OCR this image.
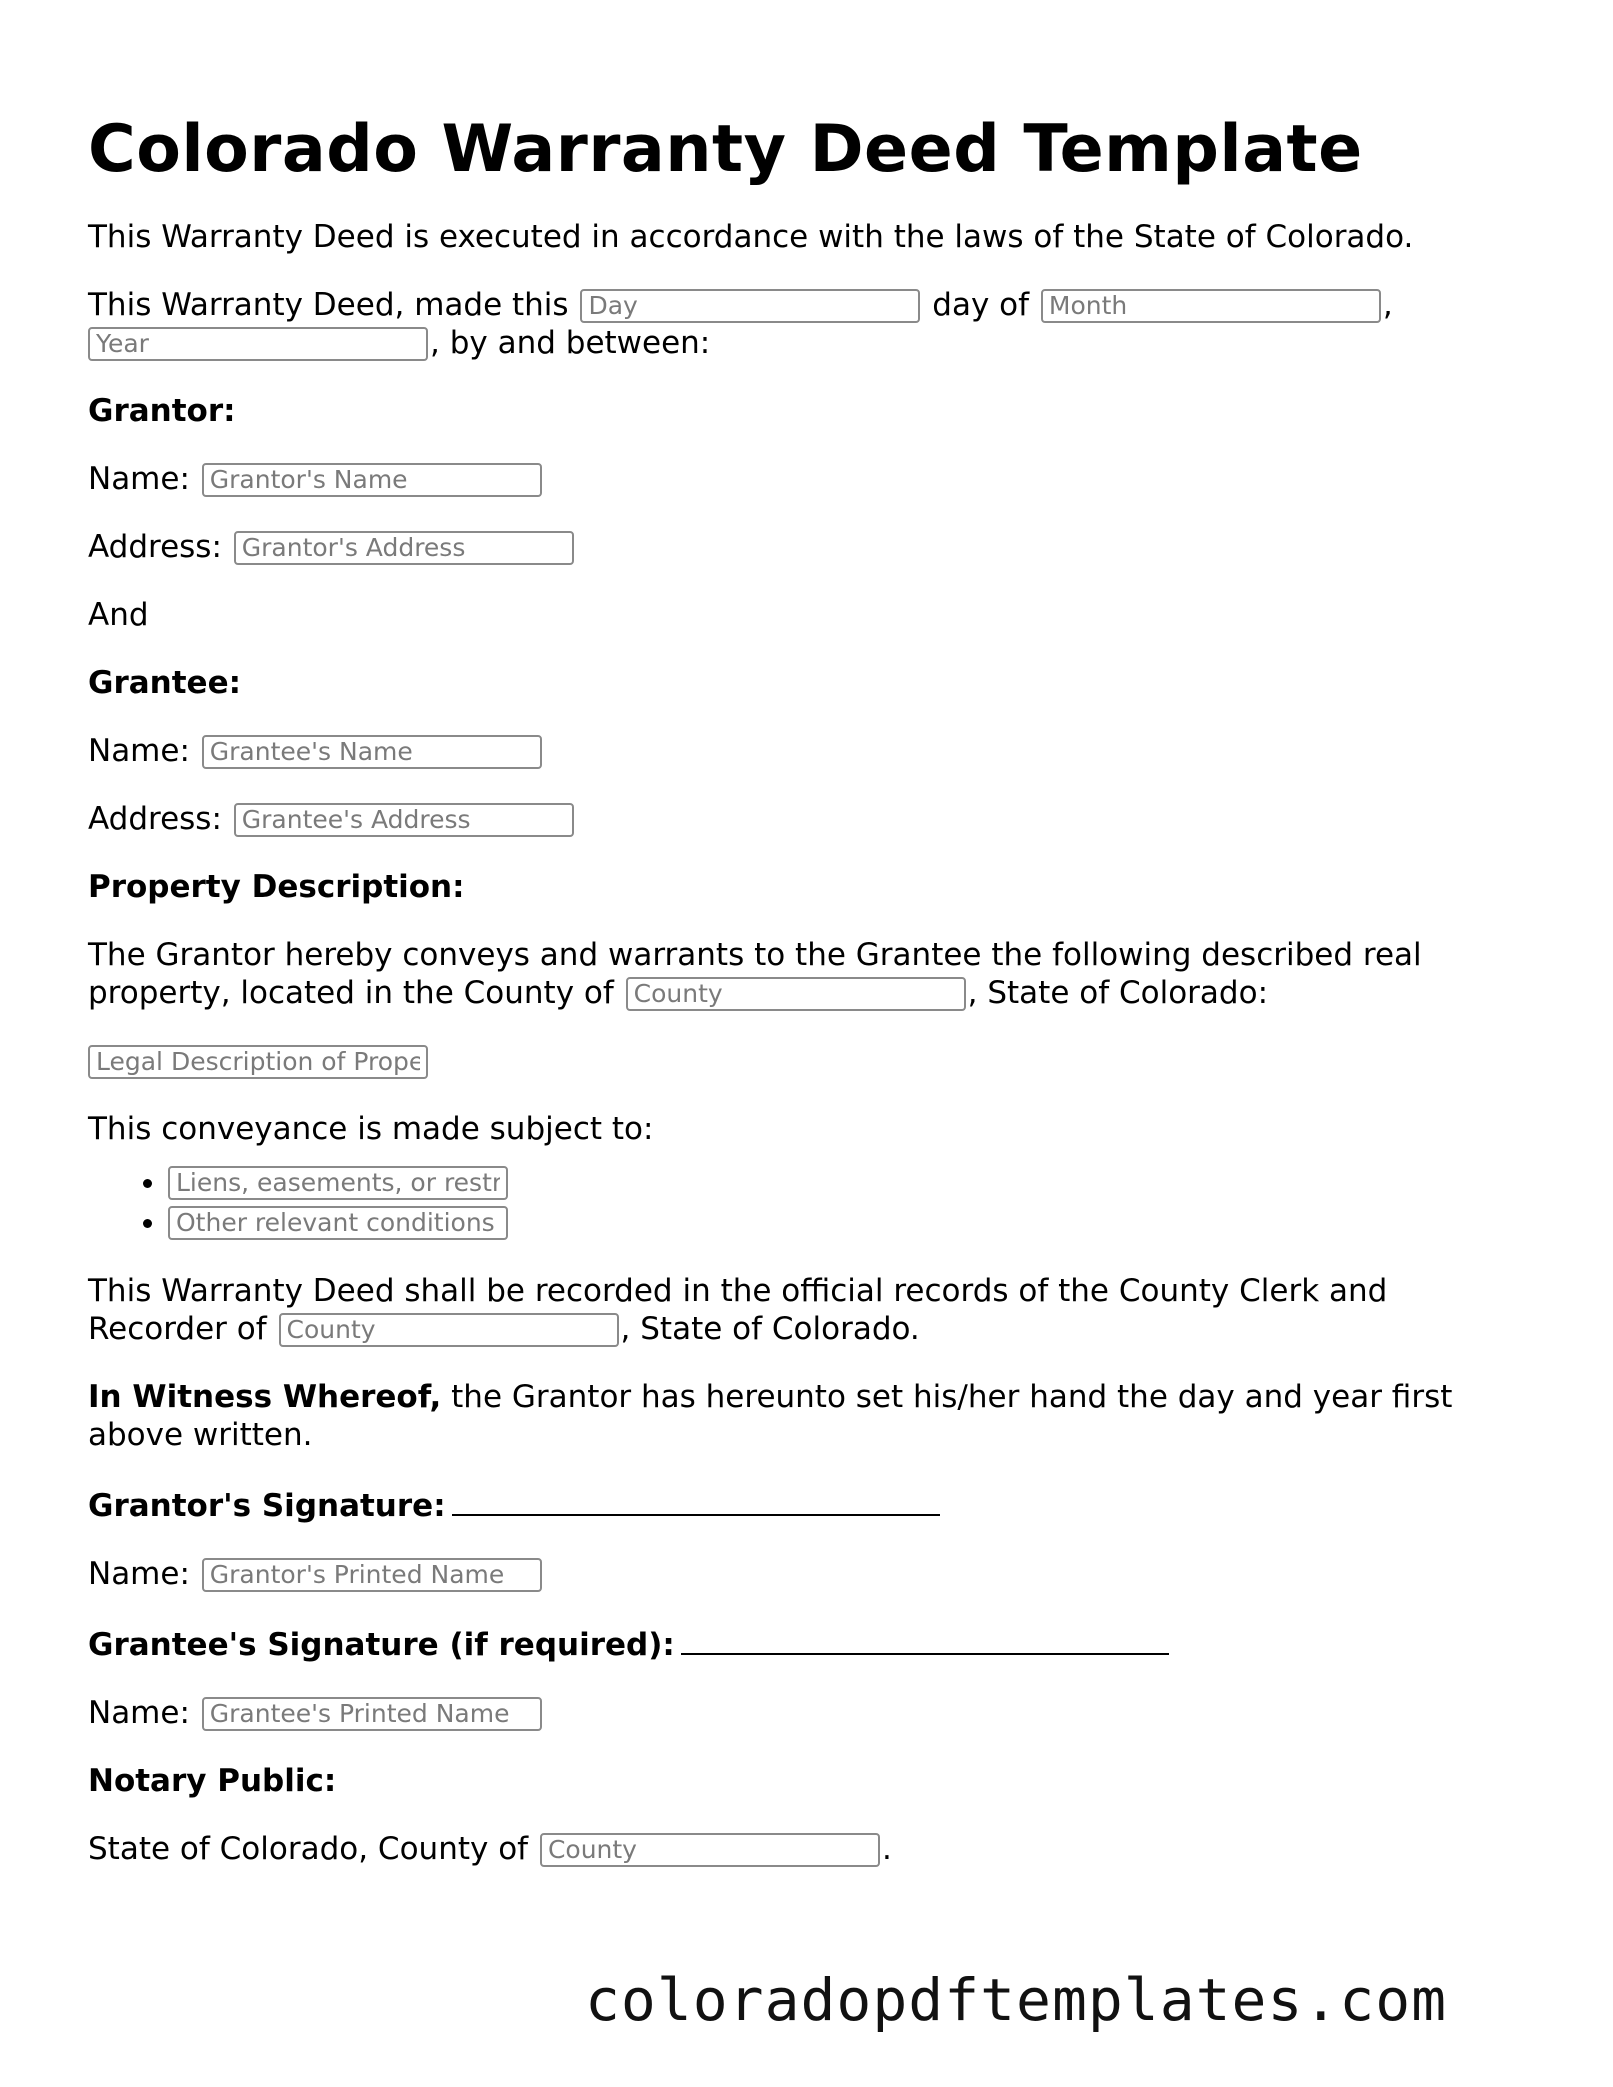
Colorado Warranty Deed Template

This Warranty Deed is executed in accordance with the laws of the State of Colorado.

This Warranty Deed, made this Day	day of Month	,
Year, by and between:

Grantor:

Name: Grantor's Name

Address: Grantor's Address

And

Grantee:

Name: Grantee's Name

Address: Grantee's Address

Property Description:

The Grantor hereby conveys and warrants to the Grantee the following described real property, located in the County of County	, State of Colorado:

Legal Description of Property

This conveyance is made subject to:

• Liens, easements, or restrictions
• Other relevant conditions

This Warranty Deed shall be recorded in the official records of the County Clerk and Recorder of County	, State of Colorado.

In Witness Whereof, the Grantor has hereunto set his/her hand the day and year first above written.

Grantor's Signature:

Name: Grantor's Printed Name

Grantee's Signature (if required):

Name: Grantee's Printed Name

Notary Public:

State of Colorado, County of County	.

coloradopdftemplates.com
